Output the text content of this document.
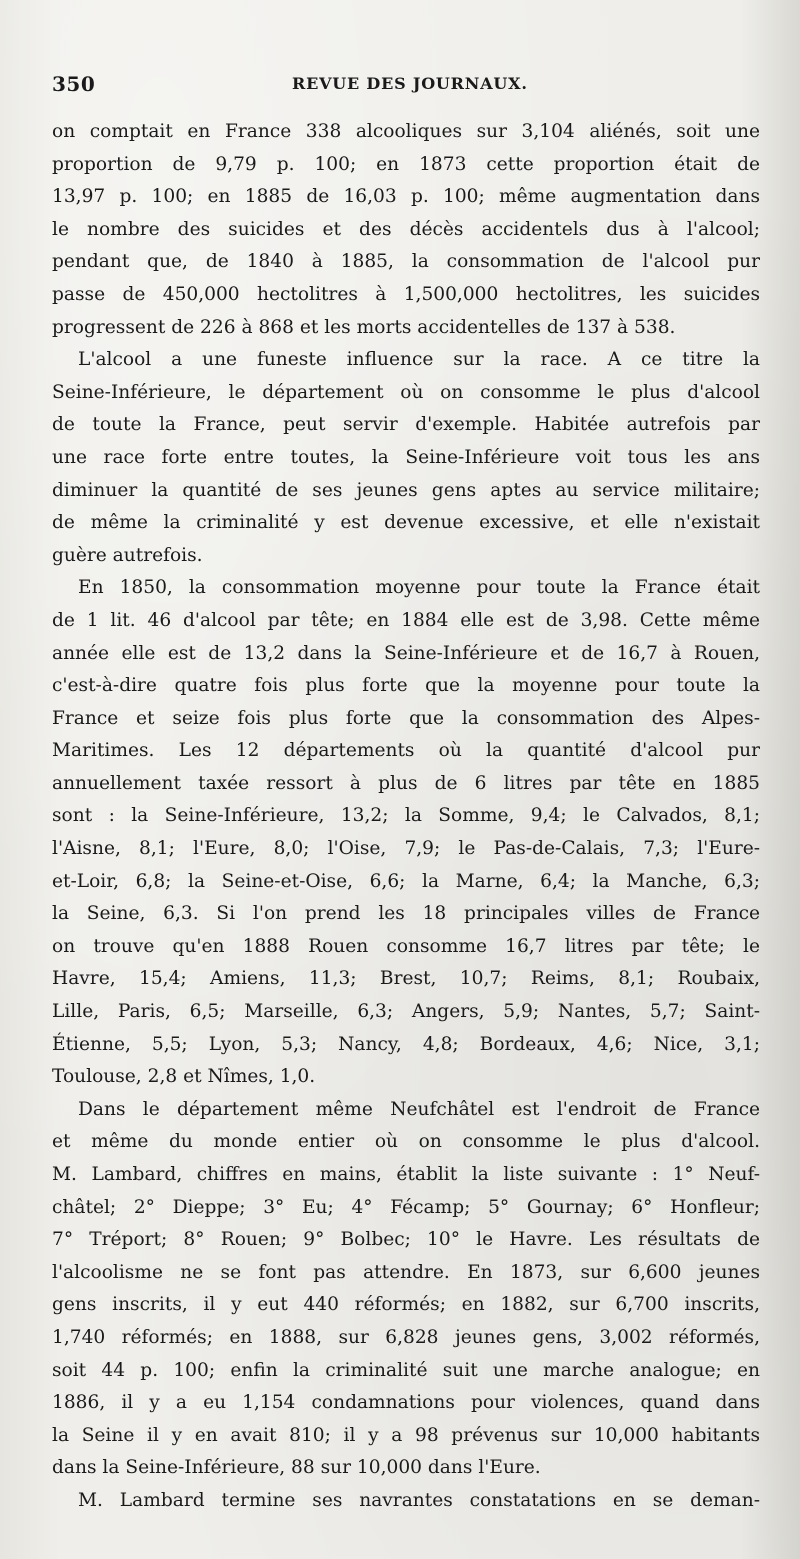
350	REVUE DES JOURNAUX.
on comptait en France 338 alcooliques sur 3,104 aliénés, soit une
proportion de 9,79 p. 100; en 1873 cette proportion était de
13,97 p. 100; en 1885 de 16,03 p. 100; même augmentation dans
le nombre des suicides et des décès accidentels dus à l'alcool;
pendant que, de 1840 à 1885, la consommation de l'alcool pur
passe de 450,000 hectolitres à 1,500,000 hectolitres, les suicides
progressent de 226 à 868 et les morts accidentelles de 137 à 538.
L'alcool a une funeste influence sur la race. A ce titre la
Seine-Inférieure, le département où on consomme le plus d'alcool
de toute la France, peut servir d'exemple. Habitée autrefois par
une race forte entre toutes, la Seine-Inférieure voit tous les ans
diminuer la quantité de ses jeunes gens aptes au service militaire;
de même la criminalité y est devenue excessive, et elle n'existait
guère autrefois.
En 1850, la consommation moyenne pour toute la France était
de 1 lit. 46 d'alcool par tête; en 1884 elle est de 3,98. Cette même
année elle est de 13,2 dans la Seine-Inférieure et de 16,7 à Rouen,
c'est-à-dire quatre fois plus forte que la moyenne pour toute la
France et seize fois plus forte que la consommation des Alpes-
Maritimes. Les 12 départements où la quantité d'alcool pur
annuellement taxée ressort à plus de 6 litres par tête en 1885
sont : la Seine-Inférieure, 13,2; la Somme, 9,4; le Calvados, 8,1;
l'Aisne, 8,1; l'Eure, 8,0; l'Oise, 7,9; le Pas-de-Calais, 7,3; l'Eure-
et-Loir, 6,8; la Seine-et-Oise, 6,6; la Marne, 6,4; la Manche, 6,3;
la Seine, 6,3. Si l'on prend les 18 principales villes de France
on trouve qu'en 1888 Rouen consomme 16,7 litres par tête; le
Havre, 15,4; Amiens, 11,3; Brest, 10,7; Reims, 8,1; Roubaix,
Lille, Paris, 6,5; Marseille, 6,3; Angers, 5,9; Nantes, 5,7; Saint-
Étienne, 5,5; Lyon, 5,3; Nancy, 4,8; Bordeaux, 4,6; Nice, 3,1;
Toulouse, 2,8 et Nîmes, 1,0.
Dans le département même Neufchâtel est l'endroit de France
et même du monde entier où on consomme le plus d'alcool.
M. Lambard, chiffres en mains, établit la liste suivante : 1° Neuf-
châtel; 2° Dieppe; 3° Eu; 4° Fécamp; 5° Gournay; 6° Honfleur;
7° Tréport; 8° Rouen; 9° Bolbec; 10° le Havre. Les résultats de
l'alcoolisme ne se font pas attendre. En 1873, sur 6,600 jeunes
gens inscrits, il y eut 440 réformés; en 1882, sur 6,700 inscrits,
1,740 réformés; en 1888, sur 6,828 jeunes gens, 3,002 réformés,
soit 44 p. 100; enfin la criminalité suit une marche analogue; en
1886, il y a eu 1,154 condamnations pour violences, quand dans
la Seine il y en avait 810; il y a 98 prévenus sur 10,000 habitants
dans la Seine-Inférieure, 88 sur 10,000 dans l'Eure.
M. Lambard termine ses navrantes constatations en se deman-
